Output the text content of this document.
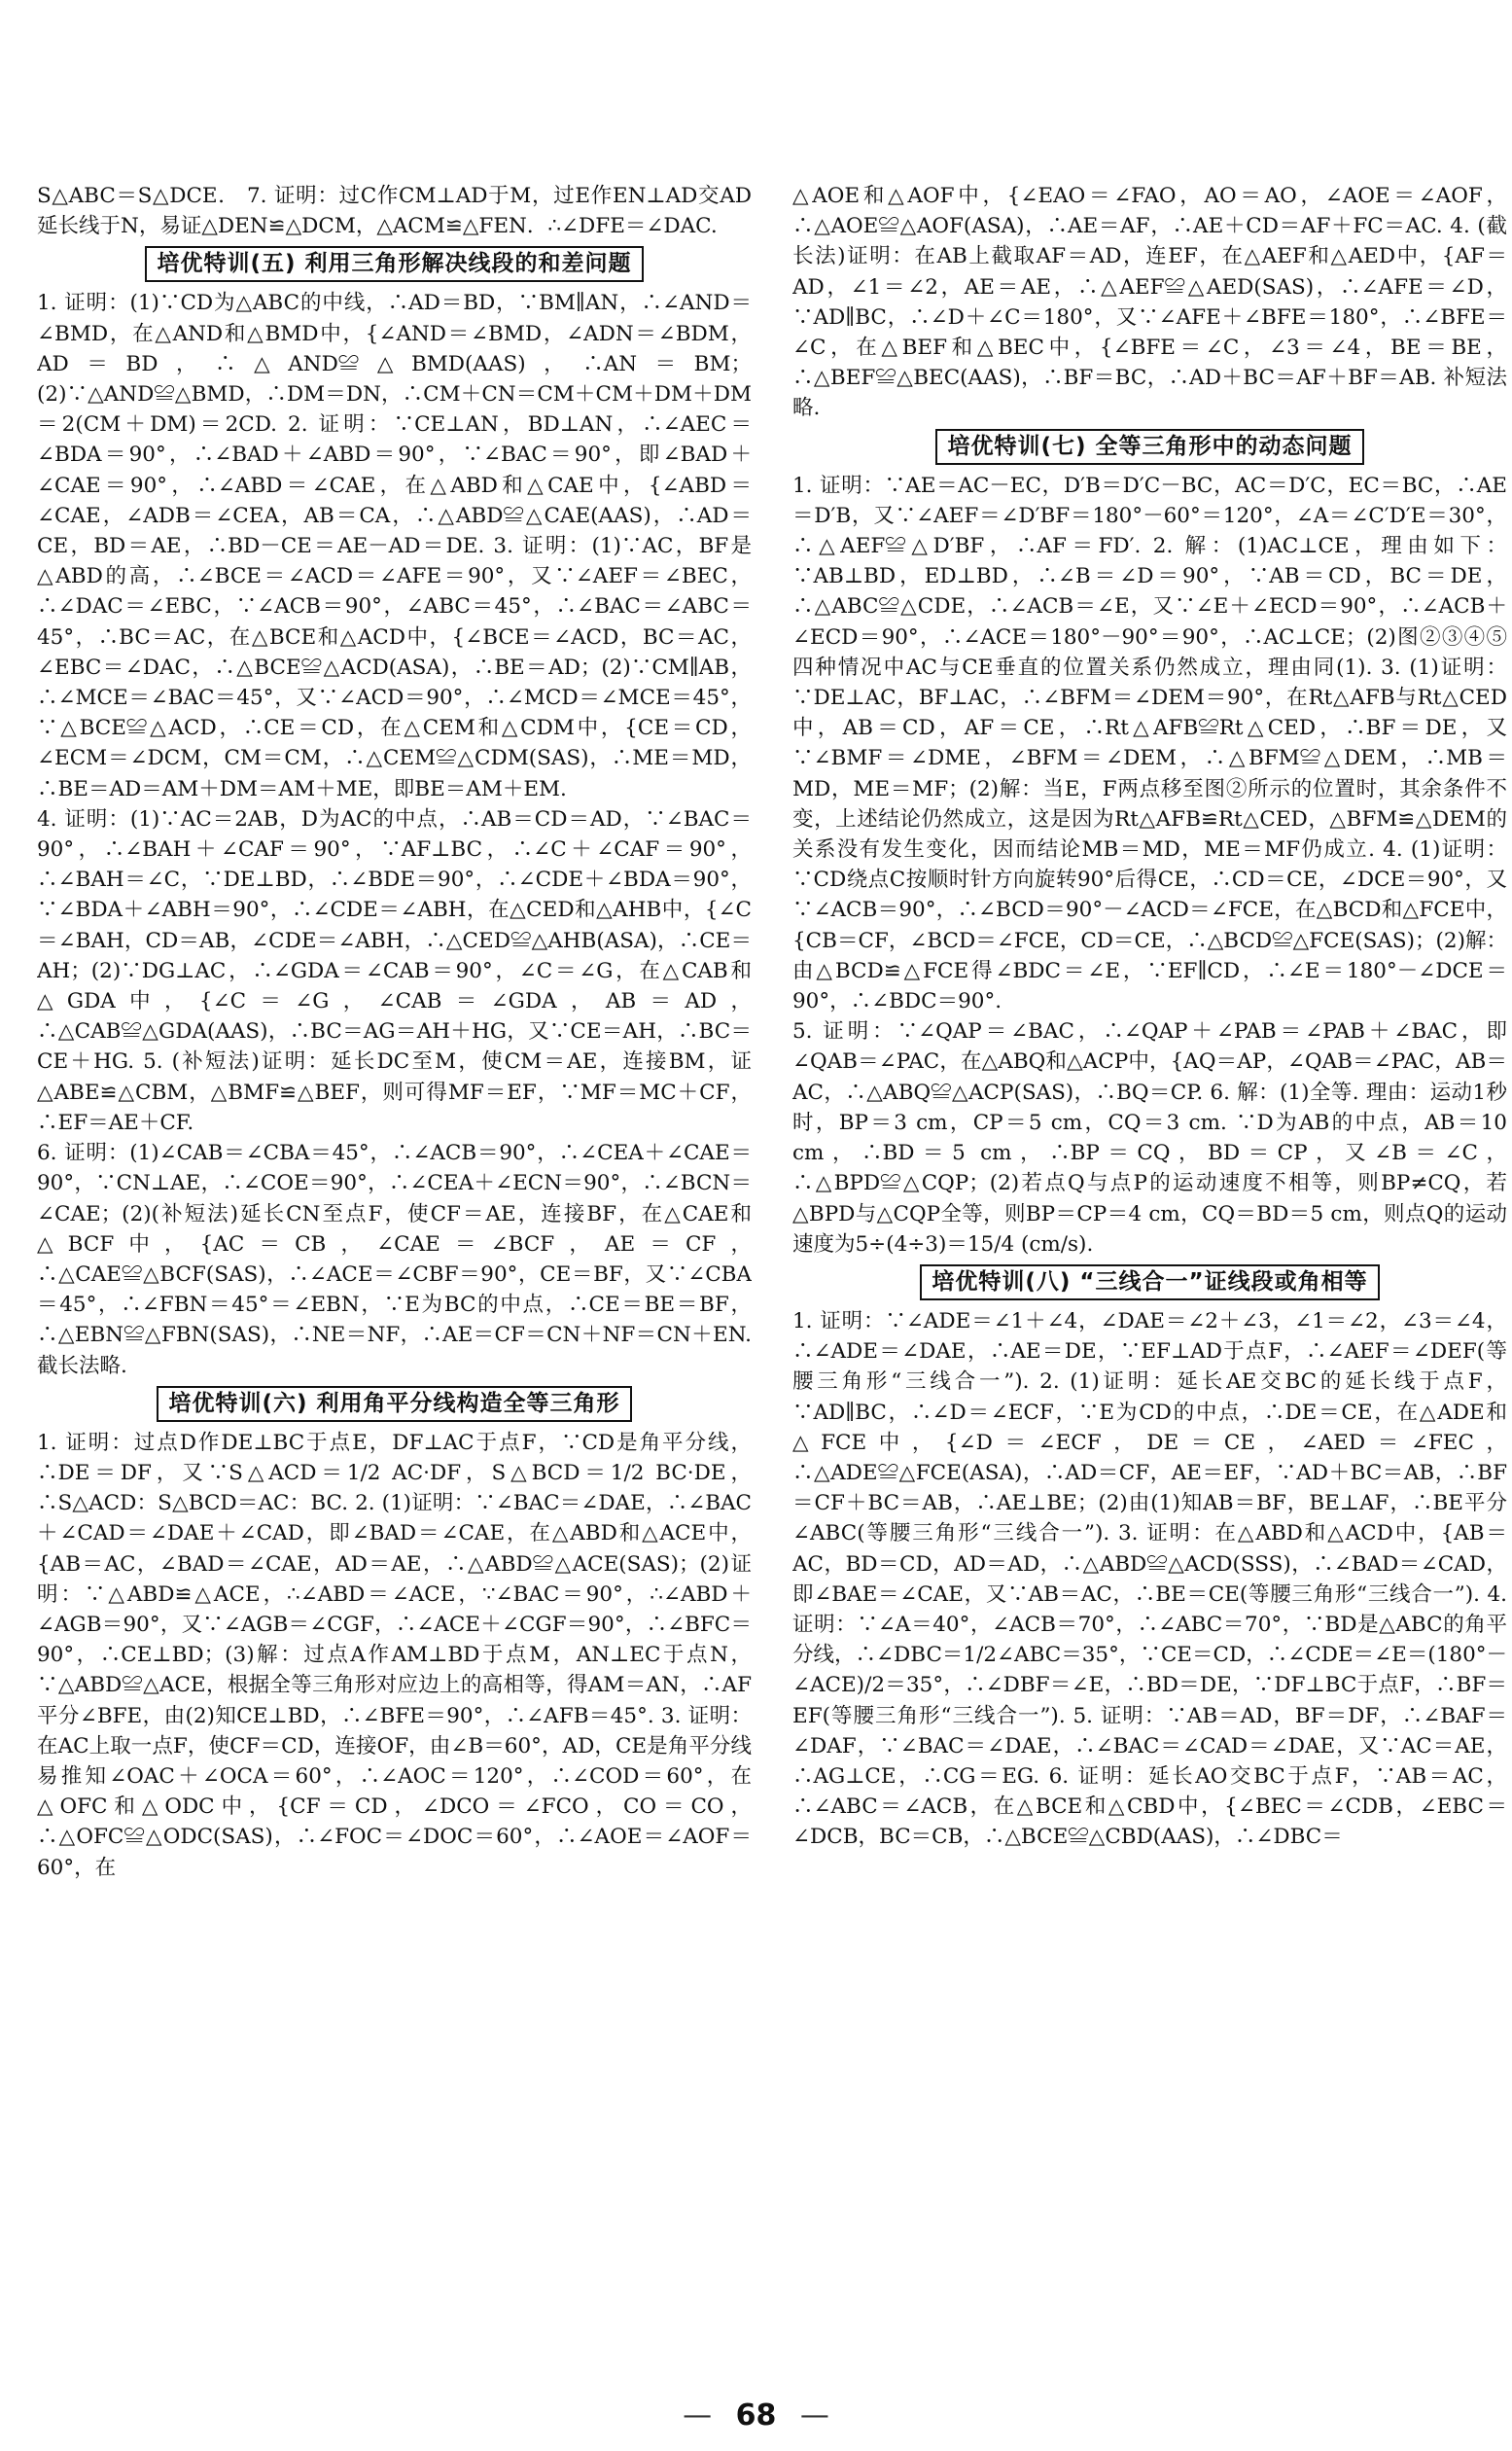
S△ABC＝S△DCE． 7. 证明：过C作CM⊥AD于M，过E作EN⊥AD交AD延长线于N，易证△DEN≌△DCM，△ACM≌△FEN．∴∠DFE＝∠DAC.

培优特训(五) 利用三角形解决线段的和差问题

1. 证明：(1)∵CD为△ABC的中线，∴AD＝BD，∵BM∥AN，∴∠AND＝∠BMD，在△AND和△BMD中，{∠AND＝∠BMD，∠ADN＝∠BDM，AD＝BD，∴△AND≌△BMD(AAS)，∴AN＝BM；(2)∵△AND≌△BMD，∴DM＝DN，∴CM＋CN＝CM＋CM＋DM＋DM＝2(CM＋DM)＝2CD. 2. 证明：∵CE⊥AN，BD⊥AN，∴∠AEC＝∠BDA＝90°，∴∠BAD＋∠ABD＝90°，∵∠BAC＝90°，即∠BAD＋∠CAE＝90°，∴∠ABD＝∠CAE，在△ABD和△CAE中，{∠ABD＝∠CAE，∠ADB＝∠CEA，AB＝CA，∴△ABD≌△CAE(AAS)，∴AD＝CE，BD＝AE，∴BD－CE＝AE－AD＝DE. 3. 证明：(1)∵AC，BF是△ABD的高，∴∠BCE＝∠ACD＝∠AFE＝90°，又∵∠AEF＝∠BEC，∴∠DAC＝∠EBC，∵∠ACB＝90°，∠ABC＝45°，∴∠BAC＝∠ABC＝45°，∴BC＝AC，在△BCE和△ACD中，{∠BCE＝∠ACD，BC＝AC，∠EBC＝∠DAC，∴△BCE≌△ACD(ASA)，∴BE＝AD；(2)∵CM∥AB，∴∠MCE＝∠BAC＝45°，又∵∠ACD＝90°，∴∠MCD＝∠MCE＝45°，∵△BCE≌△ACD，∴CE＝CD，在△CEM和△CDM中，{CE＝CD，∠ECM＝∠DCM，CM＝CM，∴△CEM≌△CDM(SAS)，∴ME＝MD，∴BE＝AD＝AM＋DM＝AM＋ME，即BE＝AM＋EM.

4. 证明：(1)∵AC＝2AB，D为AC的中点，∴AB＝CD＝AD，∵∠BAC＝90°，∴∠BAH＋∠CAF＝90°，∵AF⊥BC，∴∠C＋∠CAF＝90°，∴∠BAH＝∠C，∵DE⊥BD，∴∠BDE＝90°，∴∠CDE＋∠BDA＝90°，∵∠BDA＋∠ABH＝90°，∴∠CDE＝∠ABH，在△CED和△AHB中，{∠C＝∠BAH，CD＝AB，∠CDE＝∠ABH，∴△CED≌△AHB(ASA)，∴CE＝AH；(2)∵DG⊥AC，∴∠GDA＝∠CAB＝90°，∠C＝∠G，在△CAB和△GDA中，{∠C＝∠G，∠CAB＝∠GDA，AB＝AD，∴△CAB≌△GDA(AAS)，∴BC＝AG＝AH＋HG，又∵CE＝AH，∴BC＝CE＋HG. 5. (补短法)证明：延长DC至M，使CM＝AE，连接BM，证△ABE≌△CBM，△BMF≌△BEF，则可得MF＝EF，∵MF＝MC＋CF，∴EF＝AE＋CF.

6. 证明：(1)∠CAB＝∠CBA＝45°，∴∠ACB＝90°，∴∠CEA＋∠CAE＝90°，∵CN⊥AE，∴∠COE＝90°，∴∠CEA＋∠ECN＝90°，∴∠BCN＝∠CAE；(2)(补短法)延长CN至点F，使CF＝AE，连接BF，在△CAE和△BCF中，{AC＝CB，∠CAE＝∠BCF，AE＝CF，∴△CAE≌△BCF(SAS)，∴∠ACE＝∠CBF＝90°，CE＝BF，又∵∠CBA＝45°，∴∠FBN＝45°＝∠EBN，∵E为BC的中点，∴CE＝BE＝BF，∴△EBN≌△FBN(SAS)，∴NE＝NF，∴AE＝CF＝CN＋NF＝CN＋EN. 截长法略.

培优特训(六) 利用角平分线构造全等三角形

1. 证明：过点D作DE⊥BC于点E，DF⊥AC于点F，∵CD是角平分线，∴DE＝DF，又∵S△ACD＝1/2 AC·DF，S△BCD＝1/2 BC·DE，∴S△ACD：S△BCD＝AC：BC. 2. (1)证明：∵∠BAC＝∠DAE，∴∠BAC＋∠CAD＝∠DAE＋∠CAD，即∠BAD＝∠CAE，在△ABD和△ACE中，{AB＝AC，∠BAD＝∠CAE，AD＝AE，∴△ABD≌△ACE(SAS)；(2)证明：∵△ABD≌△ACE，∴∠ABD＝∠ACE，∵∠BAC＝90°，∴∠ABD＋∠AGB＝90°，又∵∠AGB＝∠CGF，∴∠ACE＋∠CGF＝90°，∴∠BFC＝90°，∴CE⊥BD；(3)解：过点A作AM⊥BD于点M，AN⊥EC于点N，∵△ABD≌△ACE，根据全等三角形对应边上的高相等，得AM＝AN，∴AF平分∠BFE，由(2)知CE⊥BD，∴∠BFE＝90°，∴∠AFB＝45°. 3. 证明：在AC上取一点F，使CF＝CD，连接OF，由∠B＝60°，AD，CE是角平分线易推知∠OAC＋∠OCA＝60°，∴∠AOC＝120°，∴∠COD＝60°，在△OFC和△ODC中，{CF＝CD，∠DCO＝∠FCO，CO＝CO，∴△OFC≌△ODC(SAS)，∴∠FOC＝∠DOC＝60°，∴∠AOE＝∠AOF＝60°，在

△AOE和△AOF中，{∠EAO＝∠FAO，AO＝AO，∠AOE＝∠AOF，∴△AOE≌△AOF(ASA)，∴AE＝AF，∴AE＋CD＝AF＋FC＝AC. 4. (截长法)证明：在AB上截取AF＝AD，连EF，在△AEF和△AED中，{AF＝AD，∠1＝∠2，AE＝AE，∴△AEF≌△AED(SAS)，∴∠AFE＝∠D，∵AD∥BC，∴∠D＋∠C＝180°，又∵∠AFE＋∠BFE＝180°，∴∠BFE＝∠C，在△BEF和△BEC中，{∠BFE＝∠C，∠3＝∠4，BE＝BE，∴△BEF≌△BEC(AAS)，∴BF＝BC，∴AD＋BC＝AF＋BF＝AB. 补短法略.

培优特训(七) 全等三角形中的动态问题

1. 证明：∵AE＝AC－EC，D′B＝D′C－BC，AC＝D′C，EC＝BC，∴AE＝D′B，又∵∠AEF＝∠D′BF＝180°－60°＝120°，∠A＝∠C′D′E＝30°，∴△AEF≌△D′BF，∴AF＝FD′. 2. 解：(1)AC⊥CE，理由如下：∵AB⊥BD，ED⊥BD，∴∠B＝∠D＝90°，∵AB＝CD，BC＝DE，∴△ABC≌△CDE，∴∠ACB＝∠E，又∵∠E＋∠ECD＝90°，∴∠ACB＋∠ECD＝90°，∴∠ACE＝180°－90°＝90°，∴AC⊥CE；(2)图②③④⑤四种情况中AC与CE垂直的位置关系仍然成立，理由同(1). 3. (1)证明：∵DE⊥AC，BF⊥AC，∴∠BFM＝∠DEM＝90°，在Rt△AFB与Rt△CED中，AB＝CD，AF＝CE，∴Rt△AFB≌Rt△CED，∴BF＝DE，又∵∠BMF＝∠DME，∠BFM＝∠DEM，∴△BFM≌△DEM，∴MB＝MD，ME＝MF；(2)解：当E，F两点移至图②所示的位置时，其余条件不变，上述结论仍然成立，这是因为Rt△AFB≌Rt△CED，△BFM≌△DEM的关系没有发生变化，因而结论MB＝MD，ME＝MF仍成立. 4. (1)证明：∵CD绕点C按顺时针方向旋转90°后得CE，∴CD＝CE，∠DCE＝90°，又∵∠ACB＝90°，∴∠BCD＝90°－∠ACD＝∠FCE，在△BCD和△FCE中，{CB＝CF，∠BCD＝∠FCE，CD＝CE，∴△BCD≌△FCE(SAS)；(2)解：由△BCD≌△FCE得∠BDC＝∠E，∵EF∥CD，∴∠E＝180°－∠DCE＝90°，∴∠BDC＝90°.

5. 证明：∵∠QAP＝∠BAC，∴∠QAP＋∠PAB＝∠PAB＋∠BAC，即∠QAB＝∠PAC，在△ABQ和△ACP中，{AQ＝AP，∠QAB＝∠PAC，AB＝AC，∴△ABQ≌△ACP(SAS)，∴BQ＝CP. 6. 解：(1)全等. 理由：运动1秒时，BP＝3 cm，CP＝5 cm，CQ＝3 cm. ∵D为AB的中点，AB＝10 cm，∴BD＝5 cm，∴BP＝CQ，BD＝CP，又∠B＝∠C，∴△BPD≌△CQP；(2)若点Q与点P的运动速度不相等，则BP≠CQ，若△BPD与△CQP全等，则BP＝CP＝4 cm，CQ＝BD＝5 cm，则点Q的运动速度为5÷(4÷3)＝15/4 (cm/s).

培优特训(八) “三线合一”证线段或角相等

1. 证明：∵∠ADE＝∠1＋∠4，∠DAE＝∠2＋∠3，∠1＝∠2，∠3＝∠4，∴∠ADE＝∠DAE，∴AE＝DE，∵EF⊥AD于点F，∴∠AEF＝∠DEF(等腰三角形“三线合一”). 2. (1)证明：延长AE交BC的延长线于点F，∵AD∥BC，∴∠D＝∠ECF，∵E为CD的中点，∴DE＝CE，在△ADE和△FCE中，{∠D＝∠ECF，DE＝CE，∠AED＝∠FEC，∴△ADE≌△FCE(ASA)，∴AD＝CF，AE＝EF，∵AD＋BC＝AB，∴BF＝CF＋BC＝AB，∴AE⊥BE；(2)由(1)知AB＝BF，BE⊥AF，∴BE平分∠ABC(等腰三角形“三线合一”). 3. 证明：在△ABD和△ACD中，{AB＝AC，BD＝CD，AD＝AD，∴△ABD≌△ACD(SSS)，∴∠BAD＝∠CAD，即∠BAE＝∠CAE，又∵AB＝AC，∴BE＝CE(等腰三角形“三线合一”). 4. 证明：∵∠A＝40°，∠ACB＝70°，∴∠ABC＝70°，∵BD是△ABC的角平分线，∴∠DBC＝1/2∠ABC＝35°，∵CE＝CD，∴∠CDE＝∠E＝(180°－∠ACE)/2＝35°，∴∠DBF＝∠E，∴BD＝DE，∵DF⊥BC于点F，∴BF＝EF(等腰三角形“三线合一”). 5. 证明：∵AB＝AD，BF＝DF，∴∠BAF＝∠DAF，∵∠BAC＝∠DAE，∴∠BAC＝∠CAD＝∠DAE，又∵AC＝AE，∴AG⊥CE，∴CG＝EG. 6. 证明：延长AO交BC于点F，∵AB＝AC，∴∠ABC＝∠ACB，在△BCE和△CBD中，{∠BEC＝∠CDB，∠EBC＝∠DCB，BC＝CB，∴△BCE≌△CBD(AAS)，∴∠DBC＝

— 68 —
